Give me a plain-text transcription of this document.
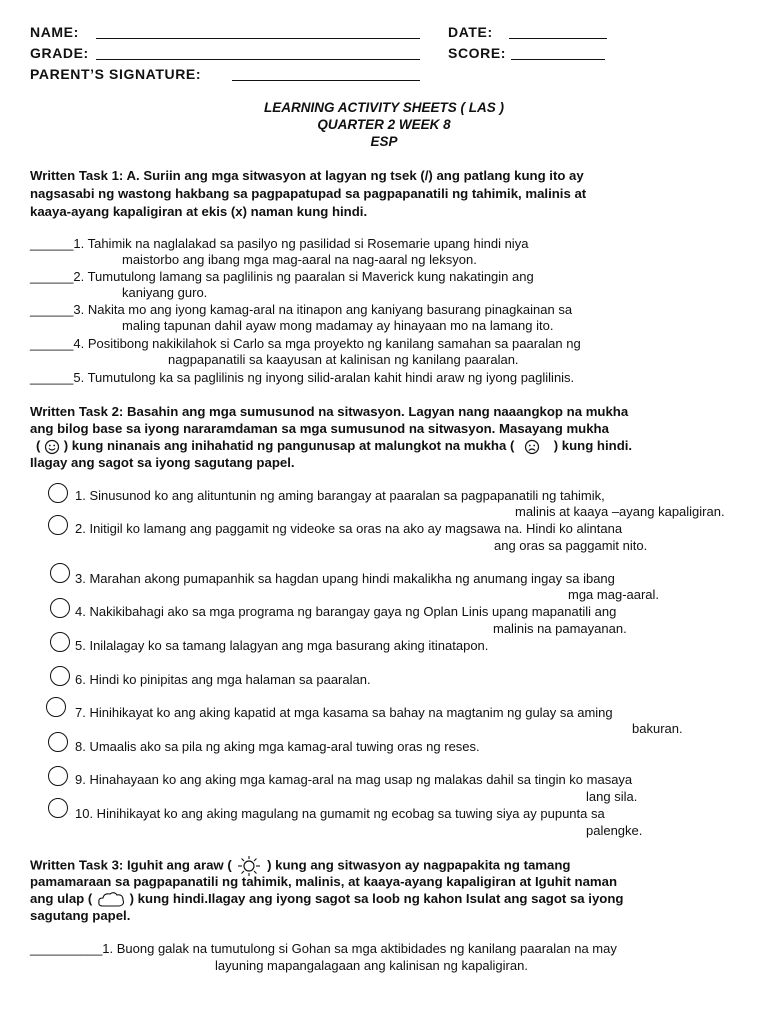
NAME:	DATE:
GRADE:	SCORE:
PARENT’S SIGNATURE:
LEARNING ACTIVITY SHEETS ( LAS )
QUARTER 2 WEEK 8
ESP
Written Task 1: A. Suriin ang mga sitwasyon at lagyan ng tsek (/) ang patlang kung ito ay
nagsasabi ng wastong hakbang sa pagpapatupad sa pagpapanatili ng tahimik, malinis at
kaaya-ayang kapaligiran at ekis (x) naman kung hindi.
______1. Tahimik na naglalakad sa pasilyo ng pasilidad si Rosemarie upang hindi niya
maistorbo ang ibang mga mag-aaral na nag-aaral ng leksyon.
______2. Tumutulong lamang sa paglilinis ng paaralan si Maverick kung nakatingin ang
kaniyang guro.
______3. Nakita mo ang iyong kamag-aral na itinapon ang kaniyang basurang pinagkainan sa
maling tapunan dahil ayaw mong madamay ay hinayaan mo na lamang ito.
______4. Positibong nakikilahok si Carlo sa mga proyekto ng kanilang samahan sa paaralan ng
nagpapanatili sa kaayusan at kalinisan ng kanilang paaralan.
______5. Tumutulong ka sa paglilinis ng inyong silid-aralan kahit hindi araw ng iyong paglilinis.
Written Task 2: Basahin ang mga sumusunod na sitwasyon. Lagyan nang naaangkop na mukha
ang bilog base sa iyong nararamdaman sa mga sumusunod na sitwasyon. Masayang mukha
( ) kung ninanais ang inihahatid ng pangunusap at malungkot na mukha (	) kung hindi.
Ilagay ang sagot sa iyong sagutang papel.
1. Sinusunod ko ang alituntunin ng aming barangay at paaralan sa pagpapanatili ng tahimik,
malinis at kaaya –ayang kapaligiran.
2. Initigil ko lamang ang paggamit ng videoke sa oras na ako ay magsawa na. Hindi ko alintana
ang oras sa paggamit nito.
3. Marahan akong pumapanhik sa hagdan upang hindi makalikha ng anumang ingay sa ibang
mga mag-aaral.
4. Nakikibahagi ako sa mga programa ng barangay gaya ng Oplan Linis upang mapanatili ang
malinis na pamayanan.
5. Inilalagay ko sa tamang lalagyan ang mga basurang aking itinatapon.
6. Hindi ko pinipitas ang mga halaman sa paaralan.
7. Hinihikayat ko ang aking kapatid at mga kasama sa bahay na magtanim ng gulay sa aming
bakuran.
8. Umaalis ako sa pila ng aking mga kamag-aral tuwing oras ng reses.
9. Hinahayaan ko ang aking mga kamag-aral na mag usap ng malakas dahil sa tingin ko masaya
lang sila.
10. Hinihikayat ko ang aking magulang na gumamit ng ecobag sa tuwing siya ay pupunta sa
palengke.
Written Task 3: Iguhit ang araw (	) kung ang sitwasyon ay nagpapakita ng tamang
pamamaraan sa pagpapanatili ng tahimik, malinis, at kaaya-ayang kapaligiran at Iguhit naman
ang ulap (	) kung hindi.Ilagay ang iyong sagot sa loob ng kahon Isulat ang sagot sa iyong
sagutang papel.
__________1. Buong galak na tumutulong si Gohan sa mga aktibidades ng kanilang paaralan na may
layuning mapangalagaan ang kalinisan ng kapaligiran.
